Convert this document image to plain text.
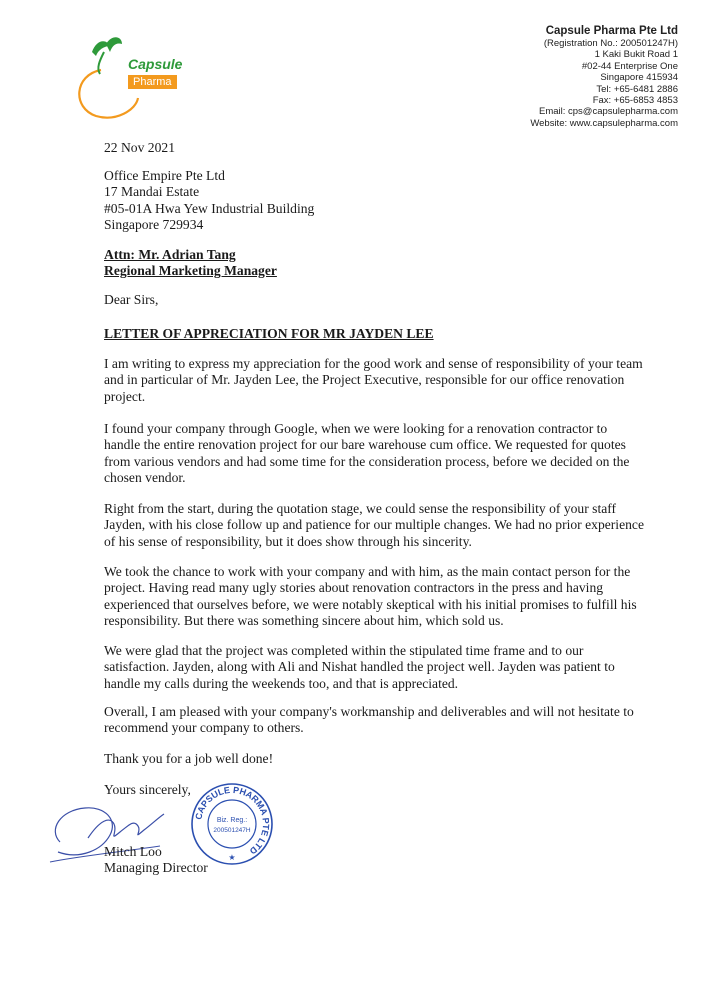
Capsule
Pharma
Capsule Pharma Pte Ltd
(Registration No.: 200501247H)
1 Kaki Bukit Road 1
#02-44 Enterprise One
Singapore 415934
Tel: +65-6481 2886
Fax: +65-6853 4853
Email: cps@capsulepharma.com
Website: www.capsulepharma.com
22 Nov 2021
Office Empire Pte Ltd
17 Mandai Estate
#05-01A Hwa Yew Industrial Building
Singapore 729934
Attn: Mr. Adrian Tang
Regional Marketing Manager
Dear Sirs,
LETTER OF APPRECIATION FOR MR JAYDEN LEE
I am writing to express my appreciation for the good work and sense of responsibility of your team and in particular of Mr. Jayden Lee, the Project Executive, responsible for our office renovation project.
I found your company through Google, when we were looking for a renovation contractor to handle the entire renovation project for our bare warehouse cum office. We requested for quotes from various vendors and had some time for the consideration process, before we decided on the chosen vendor.
Right from the start, during the quotation stage, we could sense the responsibility of your staff Jayden, with his close follow up and patience for our multiple changes. We had no prior experience of his sense of responsibility, but it does show through his sincerity.
We took the chance to work with your company and with him, as the main contact person for the project. Having read many ugly stories about renovation contractors in the press and having experienced that ourselves before, we were notably skeptical with his initial promises to fulfill his responsibility. But there was something sincere about him, which sold us.
We were glad that the project was completed within the stipulated time frame and to our satisfaction. Jayden, along with Ali and Nishat handled the project well. Jayden was patient to handle my calls during the weekends too, and that is appreciated.
Overall, I am pleased with your company's workmanship and deliverables and will not hesitate to recommend your company to others.
Thank you for a job well done!
Yours sincerely,
Mitch Loo
Managing Director
CAPSULE PHARMA PTE LTD
Biz. Reg.:
200501247H
★
